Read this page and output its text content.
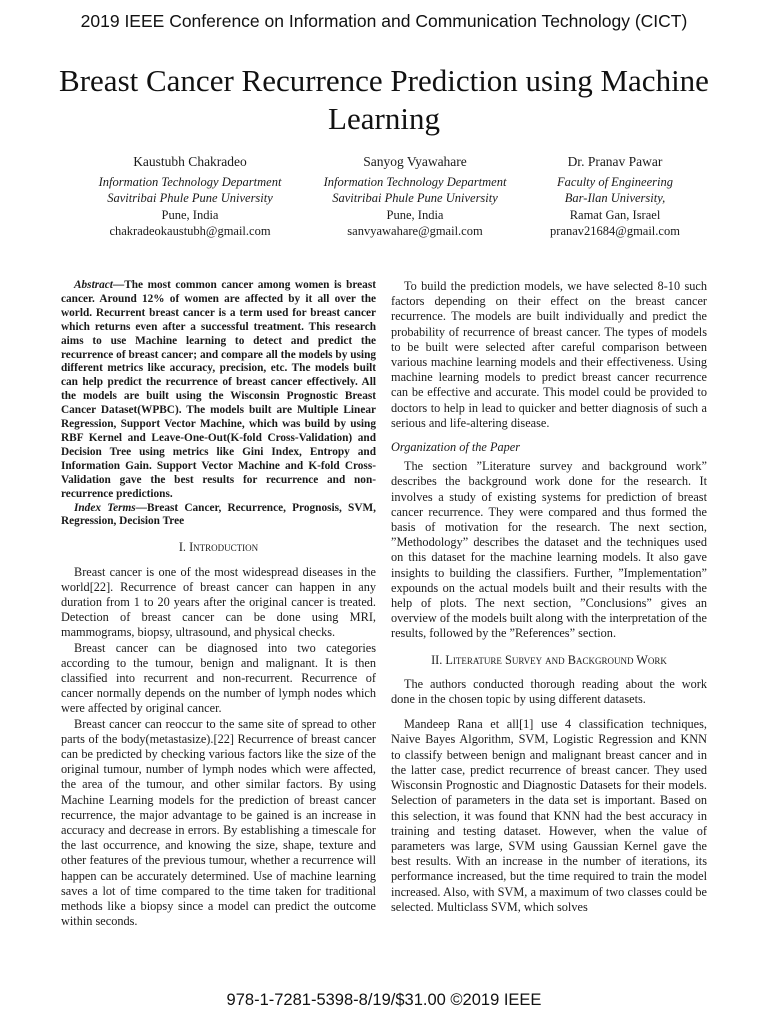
2019 IEEE Conference on Information and Communication Technology (CICT)
Breast Cancer Recurrence Prediction using Machine Learning
Kaustubh Chakradeo
Information Technology Department
Savitribai Phule Pune University
Pune, India
chakradeokaustubh@gmail.com
Sanyog Vyawahare
Information Technology Department
Savitribai Phule Pune University
Pune, India
sanvyawahare@gmail.com
Dr. Pranav Pawar
Faculty of Engineering
Bar-Ilan University,
Ramat Gan, Israel
pranav21684@gmail.com

Abstract—The most common cancer among women is breast cancer. Around 12% of women are affected by it all over the world. Recurrent breast cancer is a term used for breast cancer which returns even after a successful treatment. This research aims to use Machine learning to detect and predict the recurrence of breast cancer; and compare all the models by using different metrics like accuracy, precision, etc. The models built can help predict the recurrence of breast cancer effectively. All the models are built using the Wisconsin Prognostic Breast Cancer Dataset(WPBC). The models built are Multiple Linear Regression, Support Vector Machine, which was build by using RBF Kernel and Leave-One-Out(K-fold Cross-Validation) and Decision Tree using metrics like Gini Index, Entropy and Information Gain. Support Vector Machine and K-fold Cross-Validation gave the best results for recurrence and non-recurrence predictions.

Index Terms—Breast Cancer, Recurrence, Prognosis, SVM, Regression, Decision Tree

I. Introduction

Breast cancer is one of the most widespread diseases in the world[22]. Recurrence of breast cancer can happen in any duration from 1 to 20 years after the original cancer is treated. Detection of breast cancer can be done using MRI, mammograms, biopsy, ultrasound, and physical checks.

Breast cancer can be diagnosed into two categories according to the tumour, benign and malignant. It is then classified into recurrent and non-recurrent. Recurrence of cancer normally depends on the number of lymph nodes which were affected by original cancer.

Breast cancer can reoccur to the same site of spread to other parts of the body(metastasize).[22] Recurrence of breast cancer can be predicted by checking various factors like the size of the original tumour, number of lymph nodes which were affected, the area of the tumour, and other similar factors. By using Machine Learning models for the prediction of breast cancer recurrence, the major advantage to be gained is an increase in accuracy and decrease in errors. By establishing a timescale for the last occurrence, and knowing the size, shape, texture and other features of the previous tumour, whether a recurrence will happen can be accurately determined. Use of machine learning saves a lot of time compared to the time taken for traditional methods like a biopsy since a model can predict the outcome within seconds.

To build the prediction models, we have selected 8-10 such factors depending on their effect on the breast cancer recurrence. The models are built individually and predict the probability of recurrence of breast cancer. The types of models to be built were selected after careful comparison between various machine learning models and their effectiveness. Using machine learning models to predict breast cancer recurrence can be effective and accurate. This model could be provided to doctors to help in lead to quicker and better diagnosis of such a serious and life-altering disease.

Organization of the Paper

The section ”Literature survey and background work” describes the background work done for the research. It involves a study of existing systems for prediction of breast cancer recurrence. They were compared and thus formed the basis of motivation for the research. The next section, ”Methodology” describes the dataset and the techniques used on this dataset for the machine learning models. It also gave insights to building the classifiers. Further, ”Implementation” expounds on the actual models built and their results with the help of plots. The next section, ”Conclusions” gives an overview of the models built along with the interpretation of the results, followed by the ”References” section.

II. Literature Survey and Background Work

The authors conducted thorough reading about the work done in the chosen topic by using different datasets.

Mandeep Rana et all[1] use 4 classification techniques, Naive Bayes Algorithm, SVM, Logistic Regression and KNN to classify between benign and malignant breast cancer and in the latter case, predict recurrence of breast cancer. They used Wisconsin Prognostic and Diagnostic Datasets for their models. Selection of parameters in the data set is important. Based on this selection, it was found that KNN had the best accuracy in training and testing dataset. However, when the value of parameters was large, SVM using Gaussian Kernel gave the best results. With an increase in the number of iterations, its performance increased, but the time required to train the model increased. Also, with SVM, a maximum of two classes could be selected. Multiclass SVM, which solves

978-1-7281-5398-8/19/$31.00 ©2019 IEEE
